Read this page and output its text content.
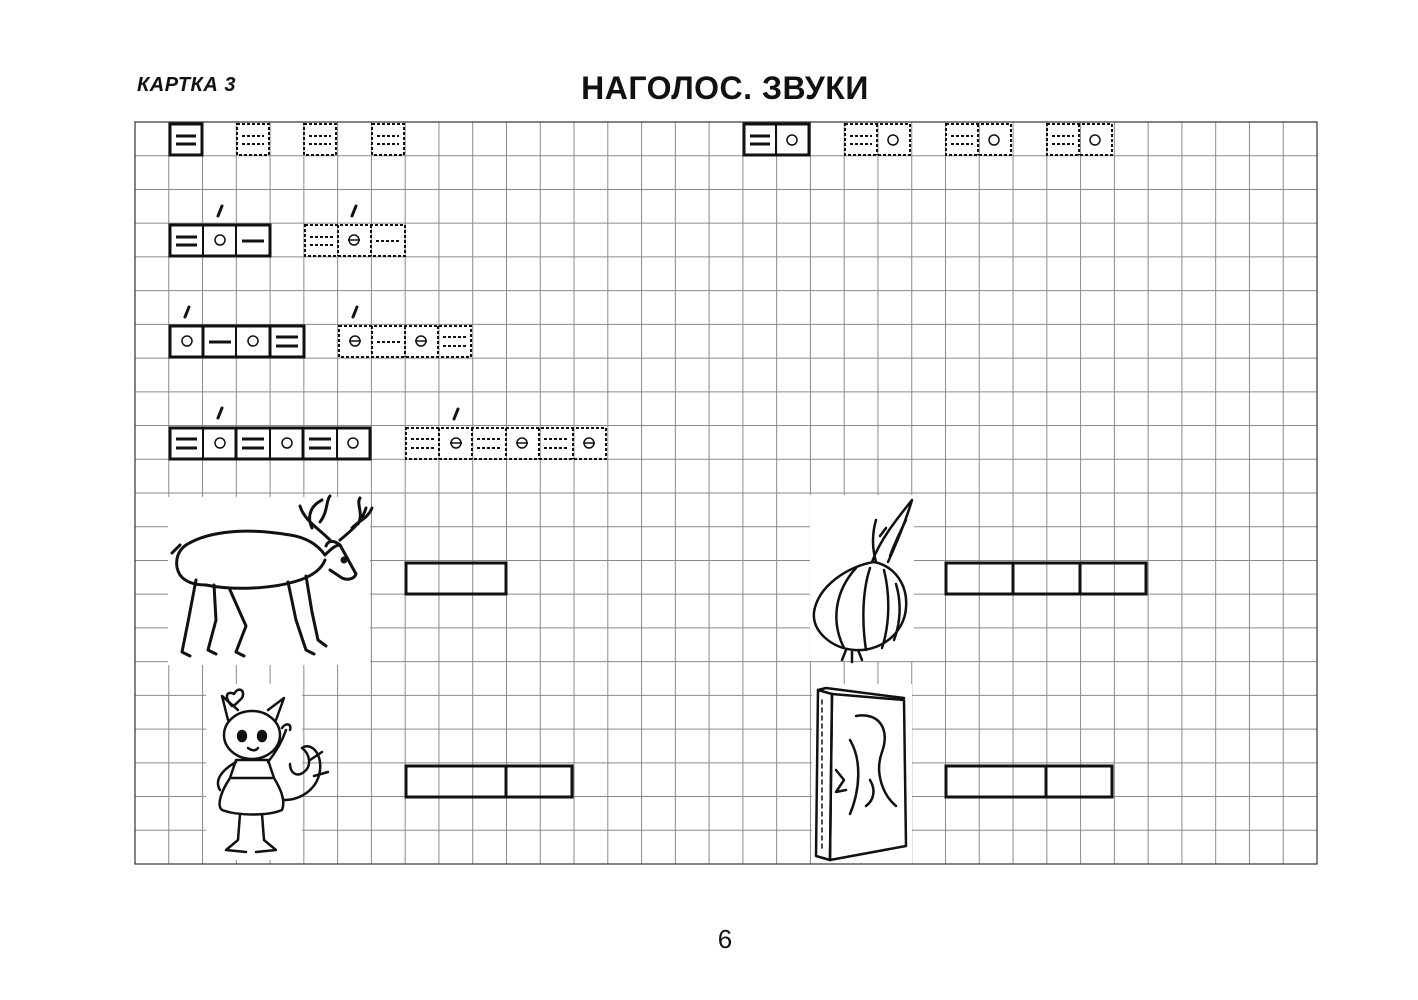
КАРТКА 3	НАГОЛОС. ЗВУКИ
6
